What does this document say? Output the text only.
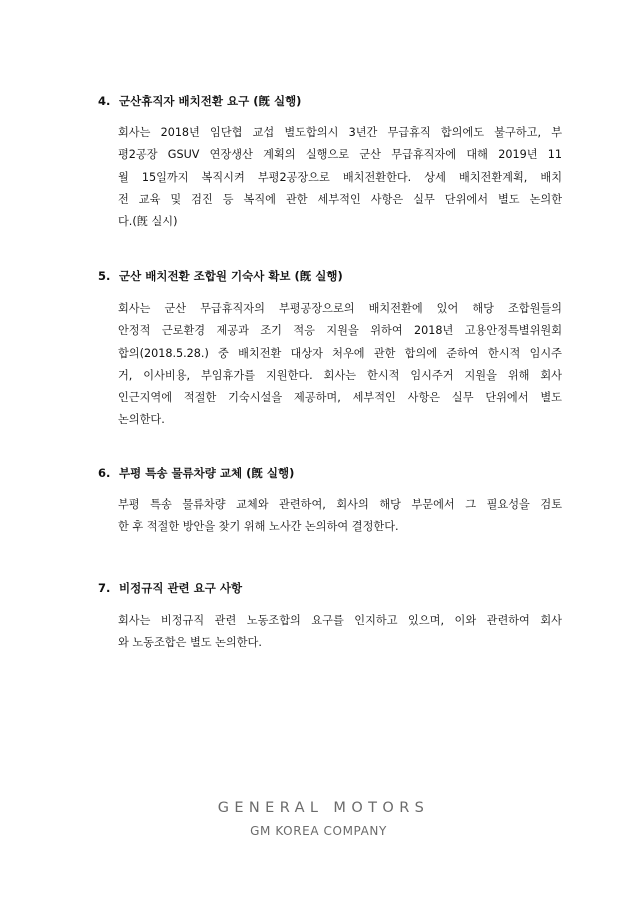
4. 군산휴직자 배치전환 요구 (旣 실행)
회사는 2018년 임단협 교섭 별도합의시 3년간 무급휴직 합의에도 불구하고, 부
평2공장 GSUV 연장생산 계획의 실행으로 군산 무급휴직자에 대해 2019년 11
월 15일까지 복직시켜 부평2공장으로 배치전환한다. 상세 배치전환계획, 배치
전 교육 및 검진 등 복직에 관한 세부적인 사항은 실무 단위에서 별도 논의한
다.(旣 실시)
5. 군산 배치전환 조합원 기숙사 확보 (旣 실행)
회사는 군산 무급휴직자의 부평공장으로의 배치전환에 있어 해당 조합원들의
안정적 근로환경 제공과 조기 적응 지원을 위하여 2018년 고용안정특별위원회
합의(2018.5.28.) 중 배치전환 대상자 처우에 관한 합의에 준하여 한시적 임시주
거, 이사비용, 부임휴가를 지원한다. 회사는 한시적 임시주거 지원을 위해 회사
인근지역에 적절한 기숙시설을 제공하며, 세부적인 사항은 실무 단위에서 별도
논의한다.
6. 부평 특송 물류차량 교체 (旣 실행)
부평 특송 물류차량 교체와 관련하여, 회사의 해당 부문에서 그 필요성을 검토
한 후 적절한 방안을 찾기 위해 노사간 논의하여 결정한다.
7. 비정규직 관련 요구 사항
회사는 비정규직 관련 노동조합의 요구를 인지하고 있으며, 이와 관련하여 회사
와 노동조합은 별도 논의한다.
GENERAL MOTORS
GM KOREA COMPANY
